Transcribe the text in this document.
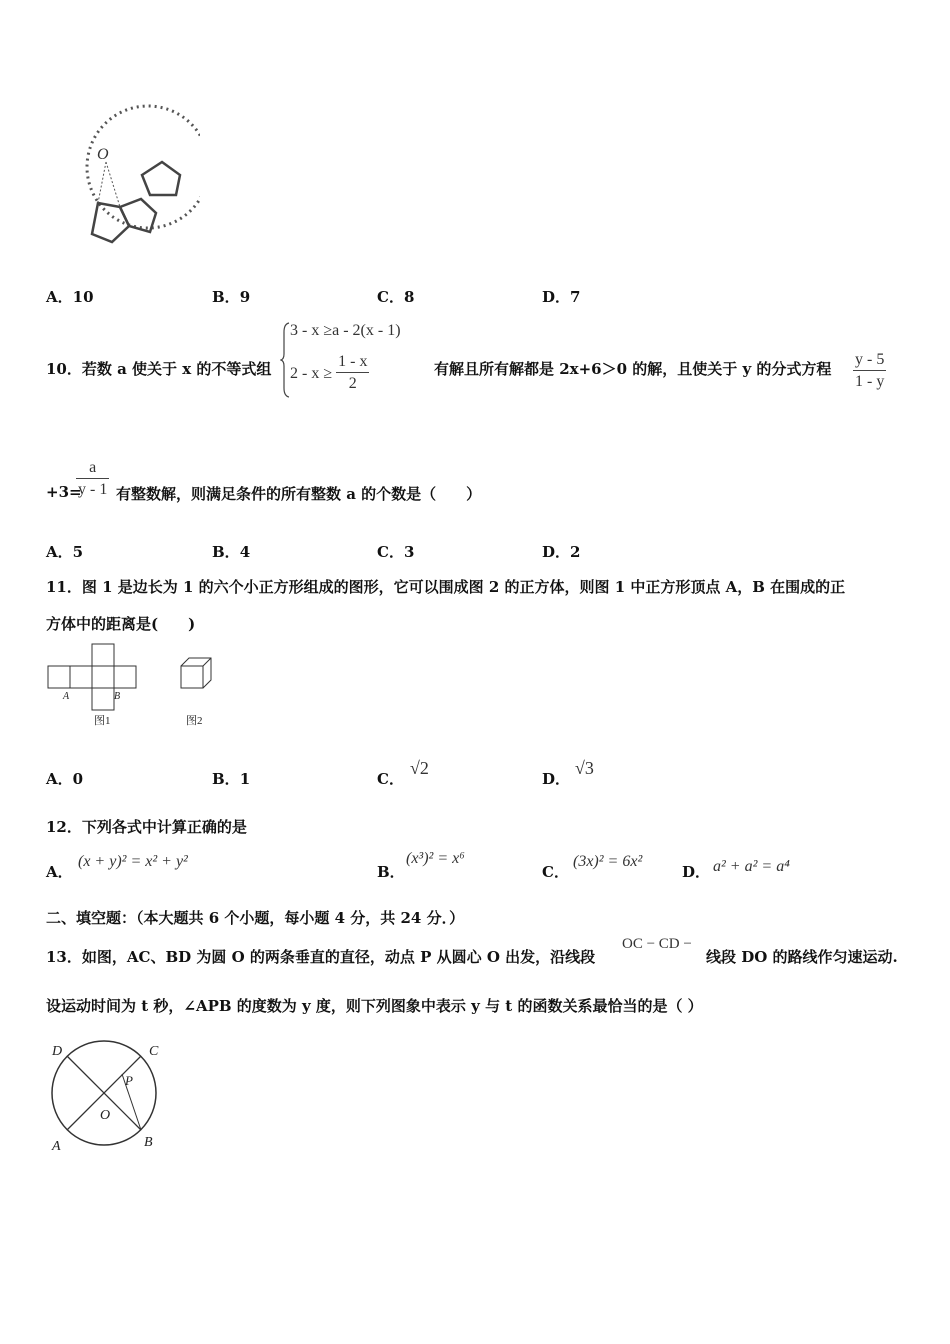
O
A．10	B．9	C．8	D．7
10．若数 a 使关于 x 的不等式组
3 - x ≥a - 2(x - 1)
$2 - x \ge \frac{1 - x}{2}$	有解且所有解都是 2x+6＞0 的解，且使关于 y 的分式方程 $\frac{y - 5}{1 - y}$
+3=
$\frac{a}{y - 1}$ 有整数解，则满足条件的所有整数 a 的个数是（　　）
A．5	B．4	C．3	D．2
11．图 1 是边长为 1 的六个小正方形组成的图形，它可以围成图 2 的正方体，则图 1 中正方形顶点 A，B 在围成的正
方体中的距离是(　　)
A	B
图1	图2
A．0	B．1	C．
√2
D．
√3
12．下列各式中计算正确的是
A．
(x + y)² = x² + y²
B．
(x³)² = x⁶
C．
(3x)² = 6x²
D． a² + a² = a⁴
二、填空题：（本大题共 6 个小题，每小题 4 分，共 24 分．）
13．如图，AC、BD 为圆 O 的两条垂直的直径，动点 P 从圆心 O 出发，沿线段
OC − CD −
线段 DO 的路线作匀速运动.
设运动时间为 t 秒，∠APB 的度数为 y 度，则下列图象中表示 y 与 t 的函数关系最恰当的是（ ）
D	C
P
O
A	B
